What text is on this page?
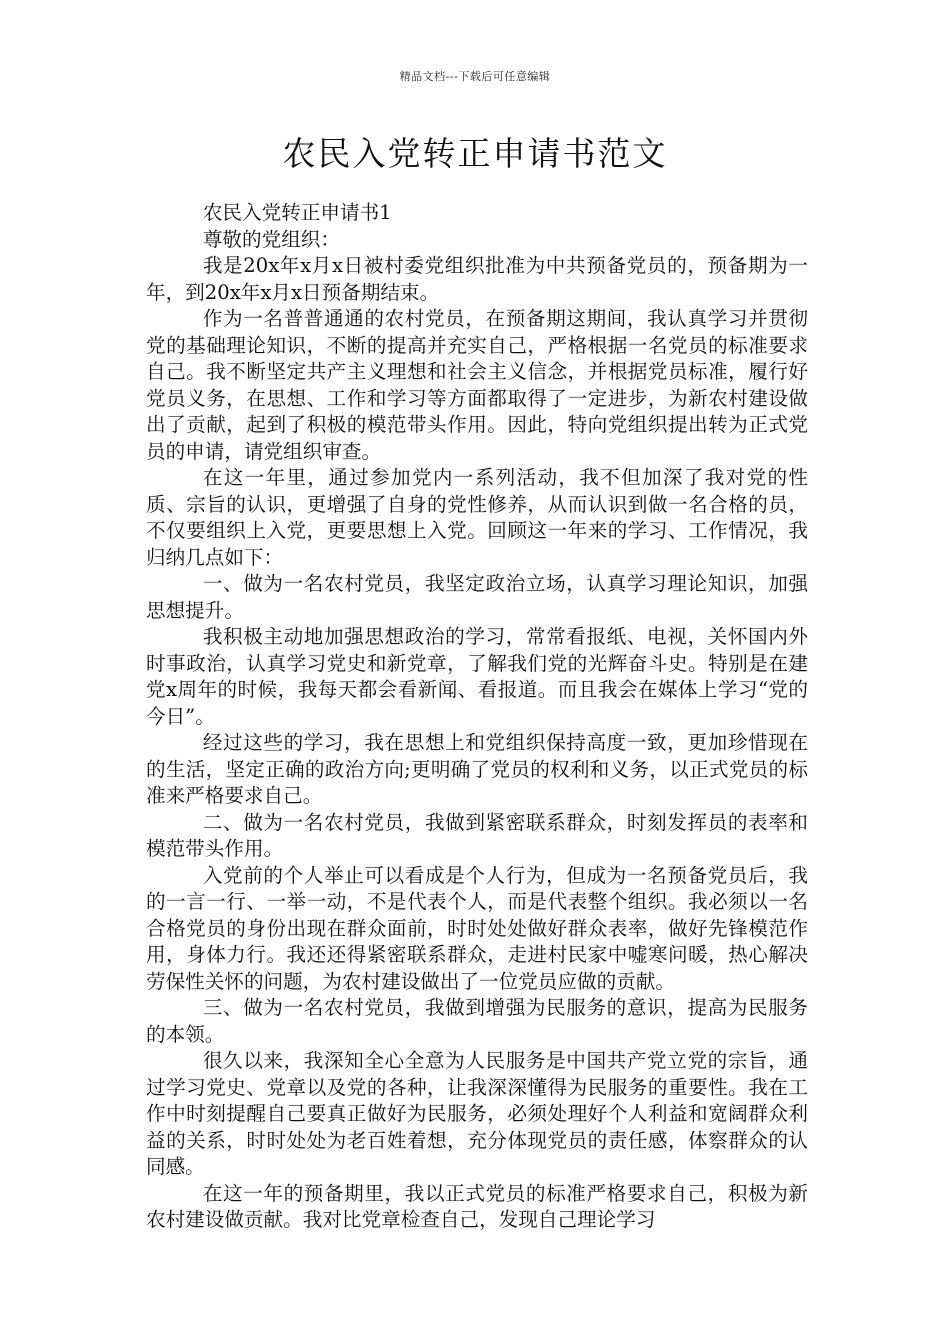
精品文档---下载后可任意编辑
农民入党转正申请书范文

农民入党转正申请书1

尊敬的党组织：

我是20x年x月x日被村委党组织批准为中共预备党员的，预备期为一年，到20x年x月x日预备期结束。

作为一名普普通通的农村党员，在预备期这期间，我认真学习并贯彻党的基础理论知识，不断的提高并充实自己，严格根据一名党员的标准要求自己。我不断坚定共产主义理想和社会主义信念，并根据党员标准，履行好党员义务，在思想、工作和学习等方面都取得了一定进步，为新农村建设做出了贡献，起到了积极的模范带头作用。因此，特向党组织提出转为正式党员的申请，请党组织审查。

在这一年里，通过参加党内一系列活动，我不但加深了我对党的性质、宗旨的认识，更增强了自身的党性修养，从而认识到做一名合格的员，不仅要组织上入党，更要思想上入党。回顾这一年来的学习、工作情况，我归纳几点如下：

一、做为一名农村党员，我坚定政治立场，认真学习理论知识，加强思想提升。

我积极主动地加强思想政治的学习，常常看报纸、电视，关怀国内外时事政治，认真学习党史和新党章，了解我们党的光辉奋斗史。特别是在建党x周年的时候，我每天都会看新闻、看报道。而且我会在媒体上学习“党的今日”。

经过这些的学习，我在思想上和党组织保持高度一致，更加珍惜现在的生活，坚定正确的政治方向;更明确了党员的权利和义务，以正式党员的标准来严格要求自己。

二、做为一名农村党员，我做到紧密联系群众，时刻发挥员的表率和模范带头作用。

入党前的个人举止可以看成是个人行为，但成为一名预备党员后，我的一言一行、一举一动，不是代表个人，而是代表整个组织。我必须以一名合格党员的身份出现在群众面前，时时处处做好群众表率，做好先锋模范作用，身体力行。我还还得紧密联系群众，走进村民家中嘘寒问暖，热心解决劳保性关怀的问题，为农村建设做出了一位党员应做的贡献。

三、做为一名农村党员，我做到增强为民服务的意识，提高为民服务的本领。

很久以来，我深知全心全意为人民服务是中国共产党立党的宗旨，通过学习党史、党章以及党的各种，让我深深懂得为民服务的重要性。我在工作中时刻提醒自己要真正做好为民服务，必须处理好个人利益和宽阔群众利益的关系，时时处处为老百姓着想，充分体现党员的责任感，体察群众的认同感。

在这一年的预备期里，我以正式党员的标准严格要求自己，积极为新农村建设做贡献。我对比党章检查自己，发现自己理论学习
